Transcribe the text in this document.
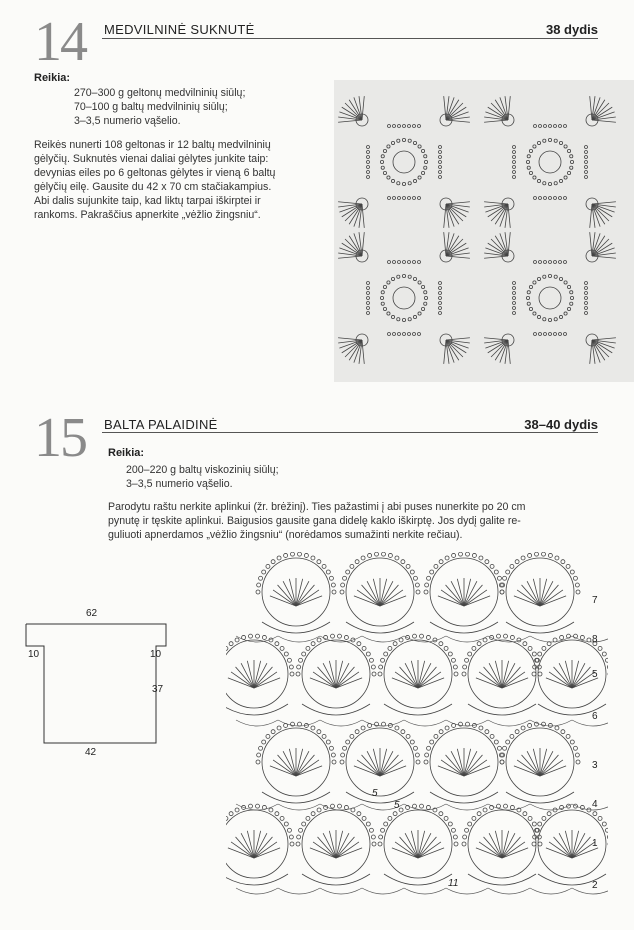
14 MEDVILNINĖ SUKNUTĖ	38 dydis
Reikia:
270–300 g geltonų medvilninių siūlų;
70–100 g baltų medvilninių siūlų;
3–3,5 numerio vąšelio.
Reikės nunerti 108 geltonas ir 12 baltų medvilninių
gėlyčių. Suknutės vienai daliai gėlytes junkite taip:
devynias eiles po 6 geltonas gėlytes ir vieną 6 baltų
gėlyčių eilę. Gausite du 42 x 70 cm stačiakampius.
Abi dalis sujunkite taip, kad liktų tarpai iškirptei ir
rankoms. Pakraščius apnerkite „vėžlio žingsniu“.
15 BALTA PALAIDINĖ	38–40 dydis
Reikia:
200–220 g baltų viskozinių siūlų;
3–3,5 numerio vąšelio.
Parodytu raštu nerkite aplinkui (žr. brėžinį). Ties pažastimi į abi puses nunerkite po 20 cm
pynutę ir tęskite aplinkui. Baigusios gausite gana didelę kaklo iškirptę. Jos dydį galite re-
guliuoti apnerdamos „vėžlio žingsniu“ (norėdamos sumažinti nerkite rečiau).
62
10	10
37
42
7
8
5
6
3
4
1
2
5
5
11
